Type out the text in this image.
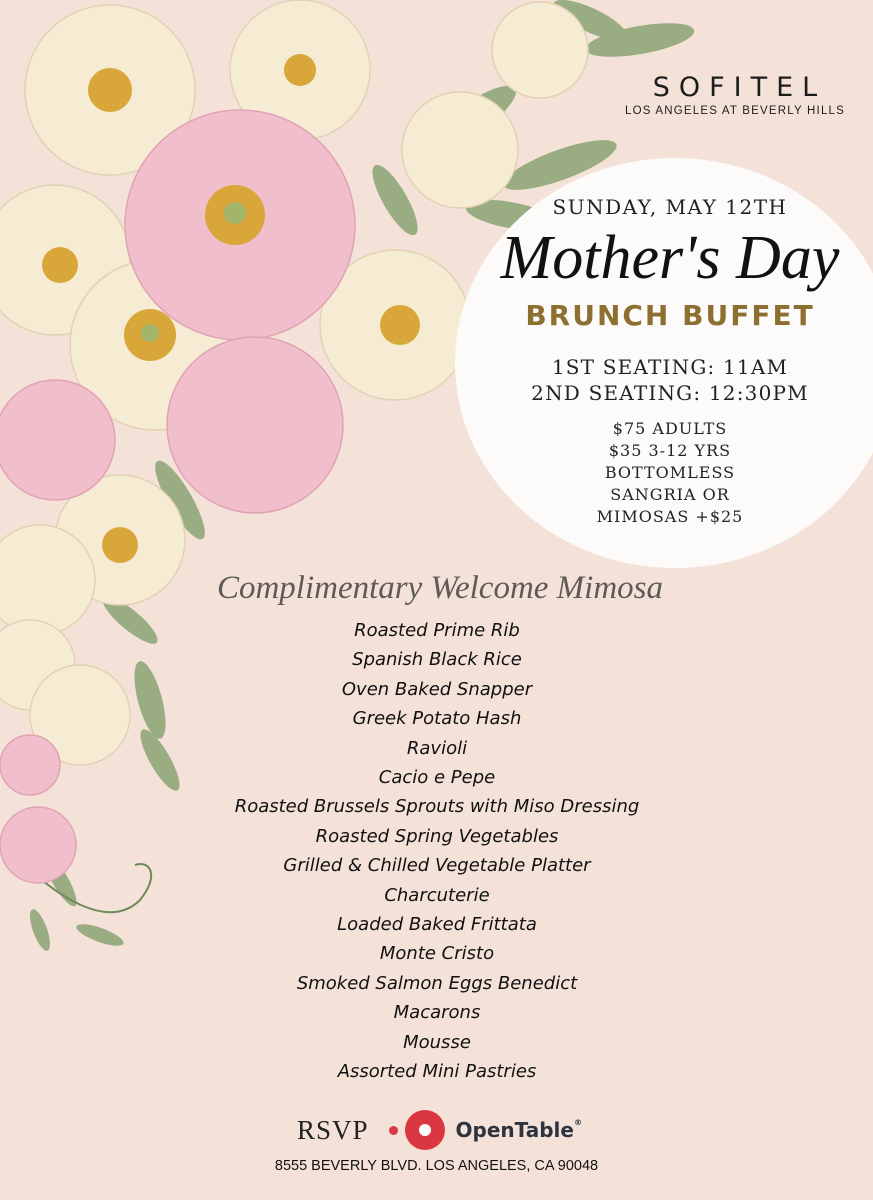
SOFITEL
LOS ANGELES AT BEVERLY HILLS
SUNDAY, MAY 12TH
Mother's Day
BRUNCH BUFFET
1ST SEATING: 11AM
2ND SEATING: 12:30PM
$75 ADULTS
$35 3-12 YRS
BOTTOMLESS
SANGRIA OR
MIMOSAS +$25
Complimentary Welcome Mimosa
Roasted Prime Rib
Spanish Black Rice
Oven Baked Snapper
Greek Potato Hash
Ravioli
Cacio e Pepe
Roasted Brussels Sprouts with Miso Dressing
Roasted Spring Vegetables
Grilled & Chilled Vegetable Platter
Charcuterie
Loaded Baked Frittata
Monte Cristo
Smoked Salmon Eggs Benedict
Macarons
Mousse
Assorted Mini Pastries
RSVP	OpenTable®
8555 BEVERLY BLVD. LOS ANGELES, CA 90048
